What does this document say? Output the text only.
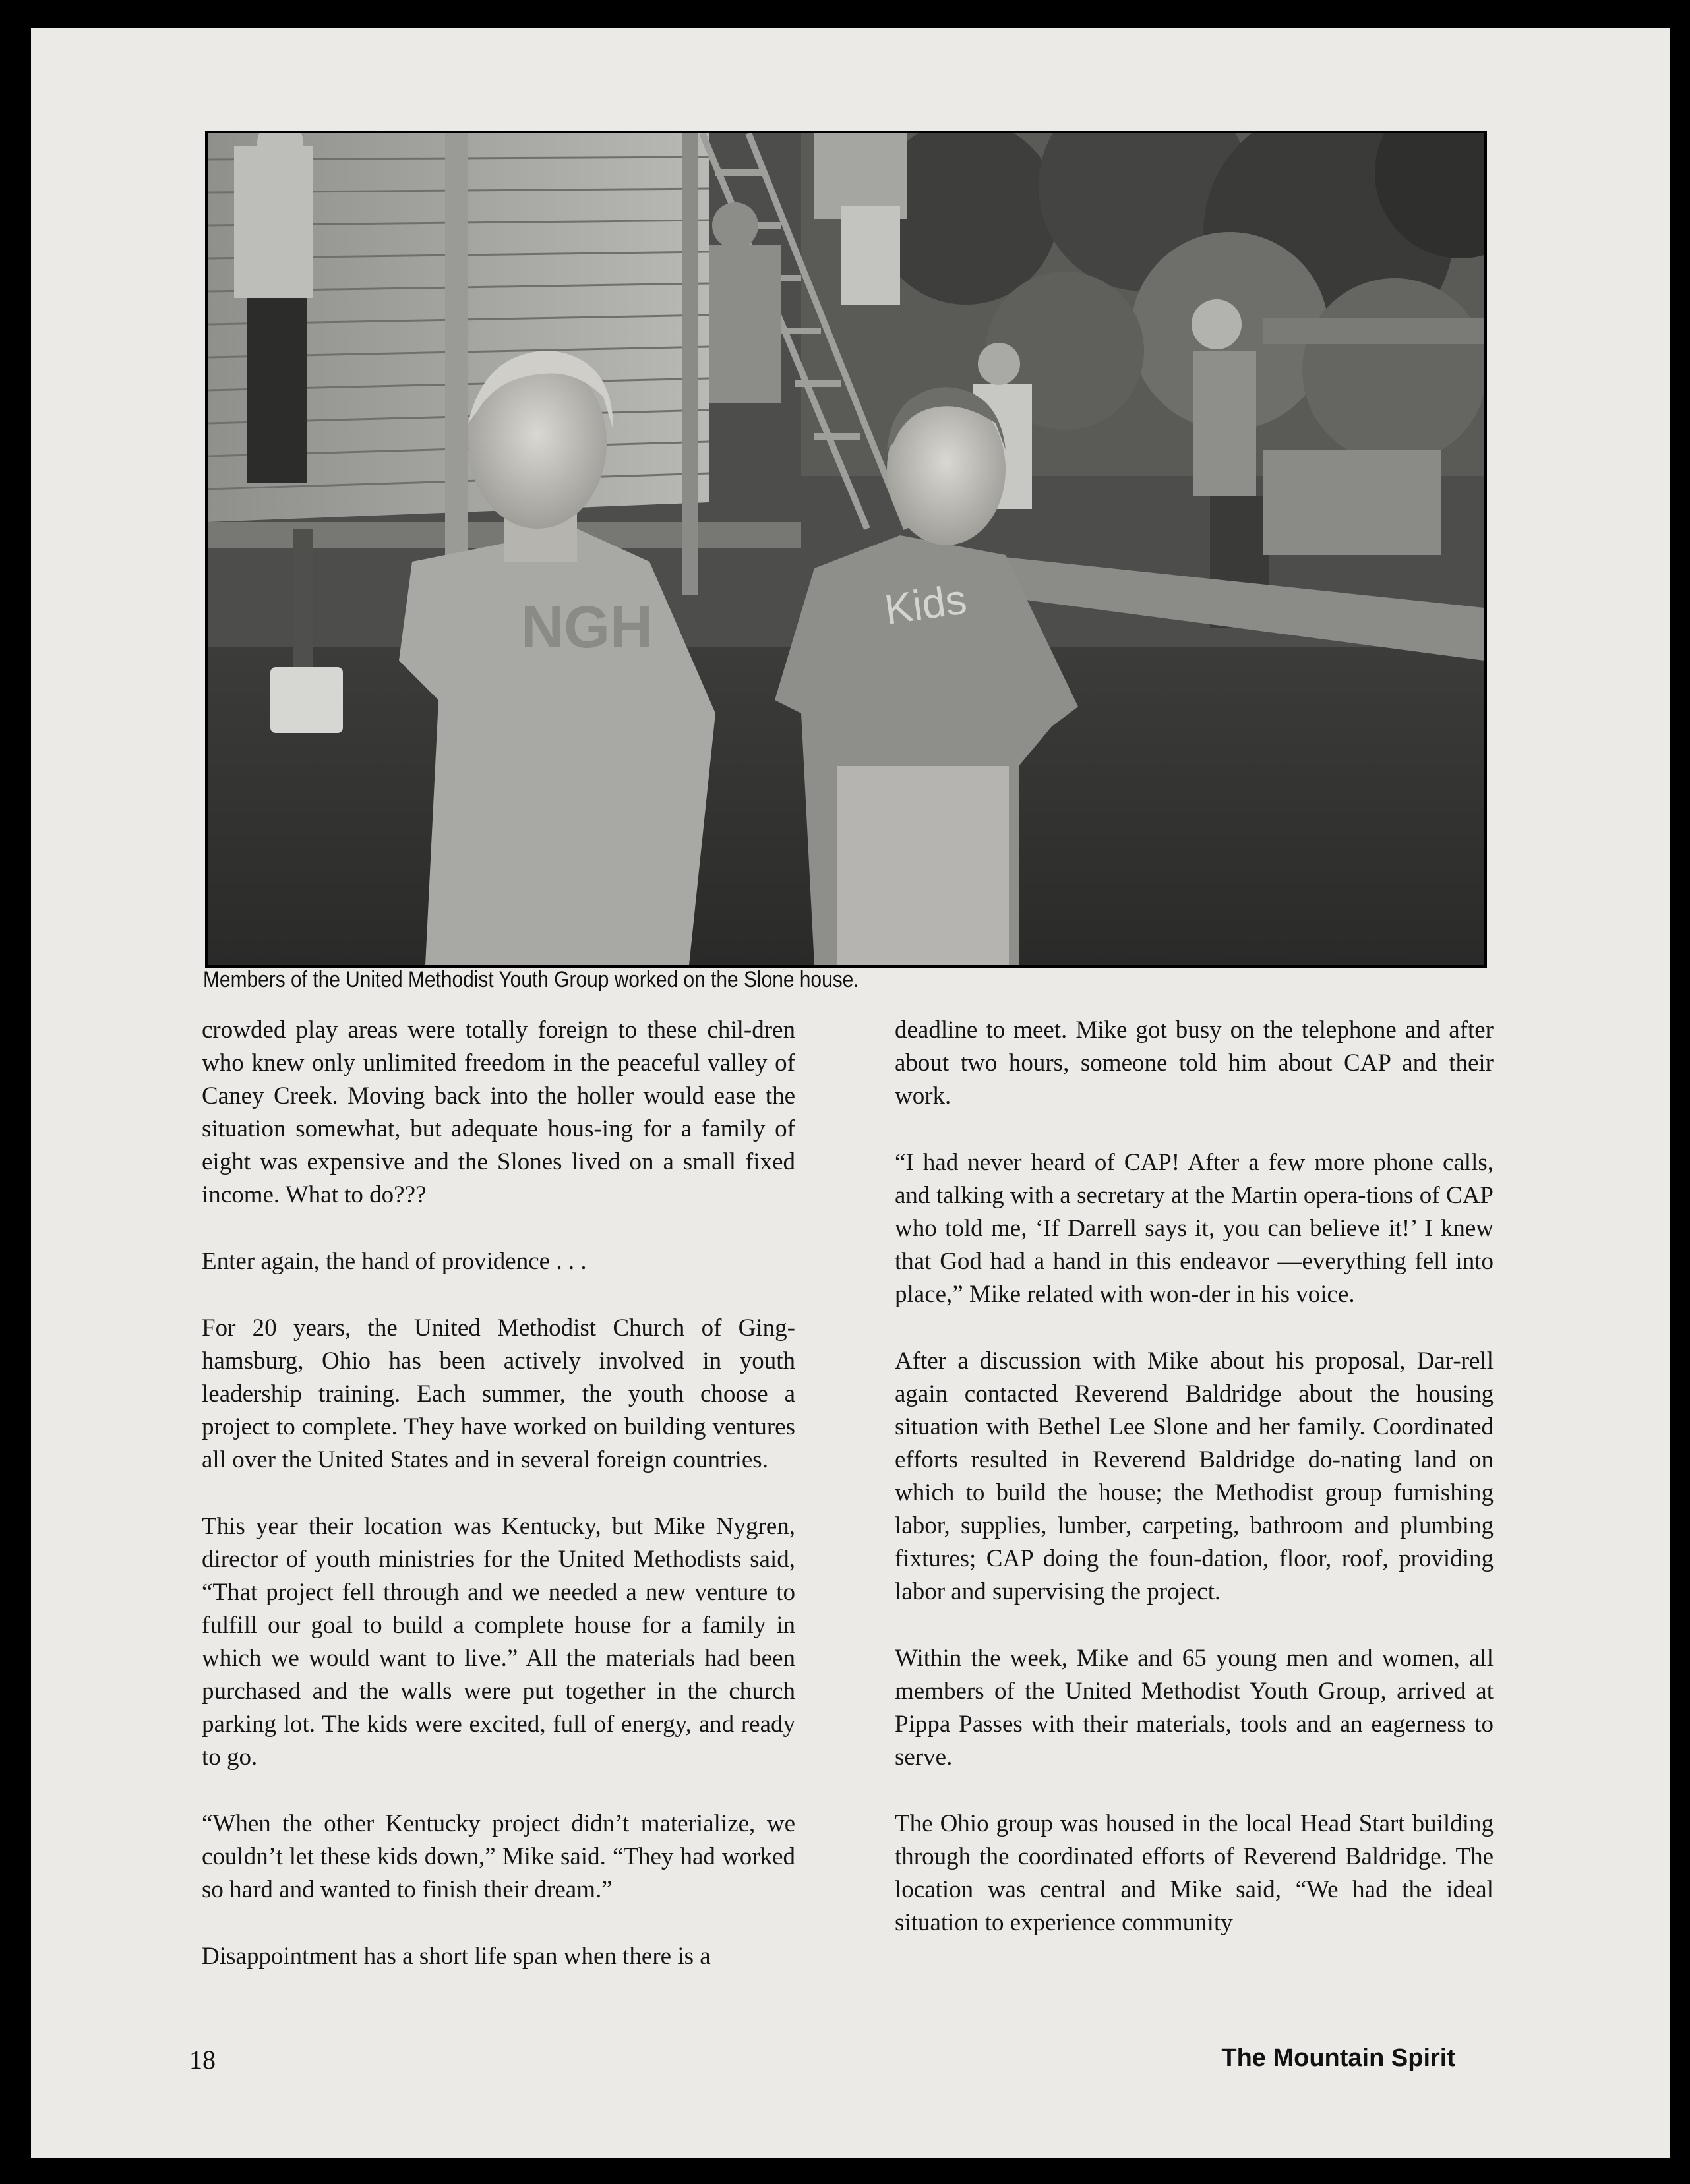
NGH	Kids
Members of the United Methodist Youth Group worked on the Slone house.

crowded play areas were totally foreign to these chil-dren who knew only unlimited freedom in the peaceful valley of Caney Creek. Moving back into the holler would ease the situation somewhat, but adequate hous-ing for a family of eight was expensive and the Slones lived on a small fixed income. What to do???

Enter again, the hand of providence . . .

For 20 years, the United Methodist Church of Ging-hamsburg, Ohio has been actively involved in youth leadership training. Each summer, the youth choose a project to complete. They have worked on building ventures all over the United States and in several foreign countries.

This year their location was Kentucky, but Mike Nygren, director of youth ministries for the United Methodists said, “That project fell through and we needed a new venture to fulfill our goal to build a complete house for a family in which we would want to live.” All the materials had been purchased and the walls were put together in the church parking lot. The kids were excited, full of energy, and ready to go.

“When the other Kentucky project didn’t materialize, we couldn’t let these kids down,” Mike said. “They had worked so hard and wanted to finish their dream.”

Disappointment has a short life span when there is a

deadline to meet. Mike got busy on the telephone and after about two hours, someone told him about CAP and their work.

“I had never heard of CAP! After a few more phone calls, and talking with a secretary at the Martin opera-tions of CAP who told me, ‘If Darrell says it, you can believe it!’ I knew that God had a hand in this endeavor —everything fell into place,” Mike related with won-der in his voice.

After a discussion with Mike about his proposal, Dar-rell again contacted Reverend Baldridge about the housing situation with Bethel Lee Slone and her family. Coordinated efforts resulted in Reverend Baldridge do-nating land on which to build the house; the Methodist group furnishing labor, supplies, lumber, carpeting, bathroom and plumbing fixtures; CAP doing the foun-dation, floor, roof, providing labor and supervising the project.

Within the week, Mike and 65 young men and women, all members of the United Methodist Youth Group, arrived at Pippa Passes with their materials, tools and an eagerness to serve.

The Ohio group was housed in the local Head Start building through the coordinated efforts of Reverend Baldridge. The location was central and Mike said, “We had the ideal situation to experience community

18	The Mountain Spirit
